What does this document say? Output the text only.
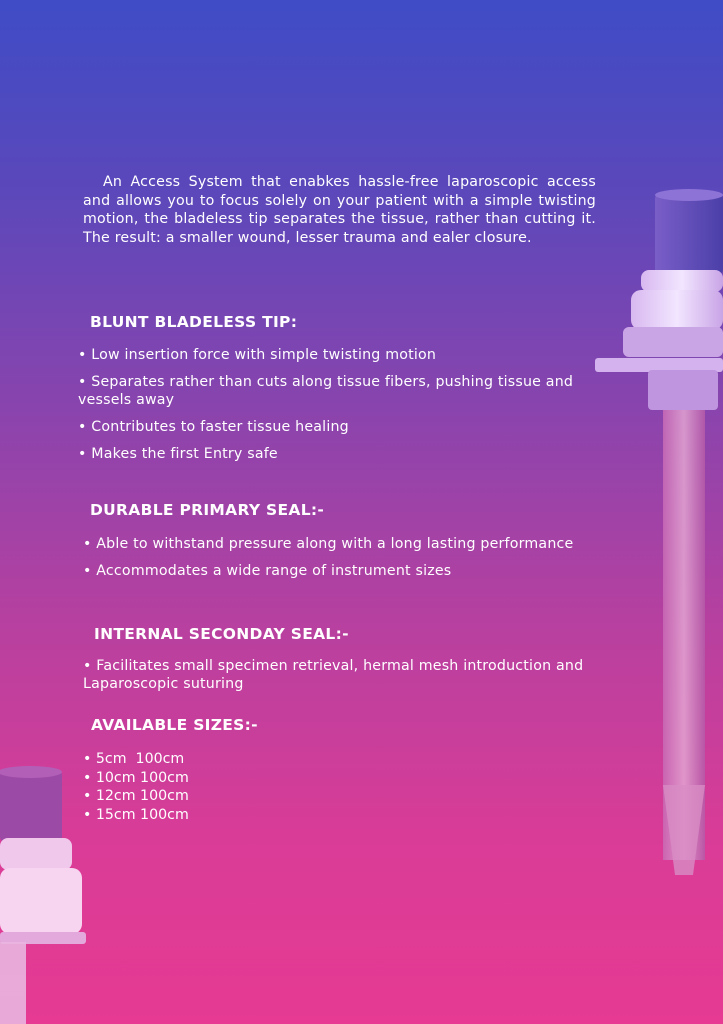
An Access System that enabkes hassle-free laparoscopic access and allows you to focus solely on your patient with a simple twisting motion, the bladeless tip separates the tissue, rather than cutting it. The result: a smaller wound, lesser trauma and ealer closure.

BLUNT BLADELESS TIP:
• Low insertion force with simple twisting motion
• Separates rather than cuts along tissue fibers, pushing tissue and vessels away
• Contributes to faster tissue healing
• Makes the first Entry safe
DURABLE PRIMARY SEAL:-
• Able to withstand pressure along with a long lasting performance
• Accommodates a wide range of instrument sizes
INTERNAL SECONDAY SEAL:-
• Facilitates small specimen retrieval, hermal mesh introduction and Laparoscopic suturing
AVAILABLE SIZES:-
• 5cm  100cm
• 10cm 100cm
• 12cm 100cm
• 15cm 100cm
